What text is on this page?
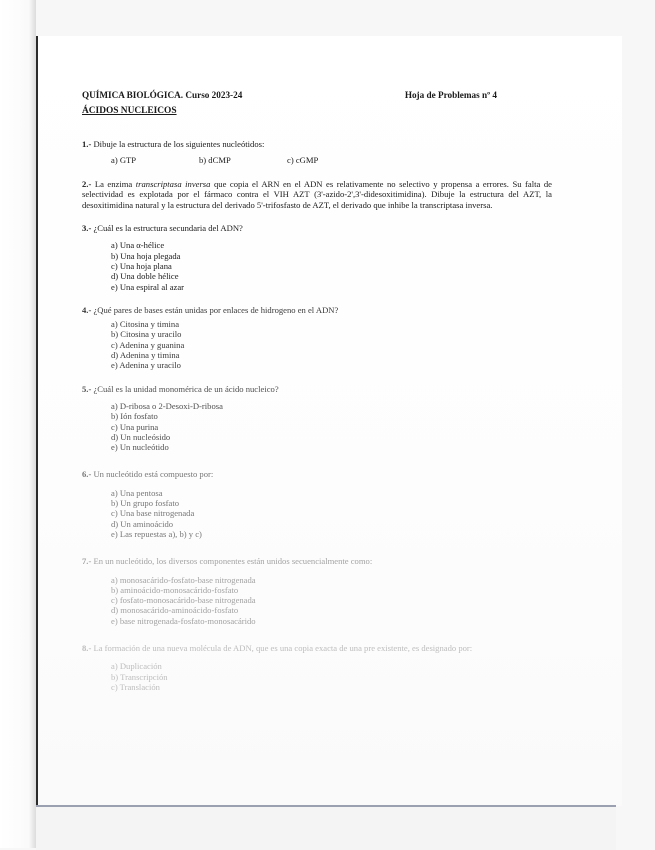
QUÍMICA BIOLÓGICA. Curso 2023-24	Hoja de Problemas nº 4
ÁCIDOS NUCLEICOS
1.- Dibuje la estructura de los siguientes nucleótidos:
a) GTP	b) dCMP	c) cGMP
2.- La enzima transcriptasa inversa que copia el ARN en el ADN es relativamente no selectivo y propensa a errores. Su falta de selectividad es explotada por el fármaco contra el VIH AZT (3'-azido-2',3'-didesoxitimidina). Dibuje la estructura del AZT, la desoxitimidina natural y la estructura del derivado 5'-trifosfasto de AZT, el derivado que inhibe la transcriptasa inversa.
3.- ¿Cuál es la estructura secundaria del ADN?
a) Una α-hélice
b) Una hoja plegada
c) Una hoja plana
d) Una doble hélice
e) Una espiral al azar
4.- ¿Qué pares de bases están unidas por enlaces de hidrogeno en el ADN?
a) Citosina y timina
b) Citosina y uracilo
c) Adenina y guanina
d) Adenina y timina
e) Adenina y uracilo
5.- ¿Cuál es la unidad monomérica de un ácido nucleico?
a) D-ribosa o 2-Desoxi-D-ribosa
b) Ión fosfato
c) Una purina
d) Un nucleósido
e) Un nucleótido
6.- Un nucleótido está compuesto por:
a) Una pentosa
b) Un grupo fosfato
c) Una base nitrogenada
d) Un aminoácido
e) Las repuestas a), b) y c)
7.- En un nucleótido, los diversos componentes están unidos secuencialmente como:
a) monosacárido-fosfato-base nitrogenada
b) aminoácido-monosacárido-fosfato
c) fosfato-monosacárido-base nitrogenada
d) monosacárido-aminoácido-fosfato
e) base nitrogenada-fosfato-monosacárido
8.- La formación de una nueva molécula de ADN, que es una copia exacta de una pre existente, es designado por:
a) Duplicación
b) Transcripción
c) Translación
